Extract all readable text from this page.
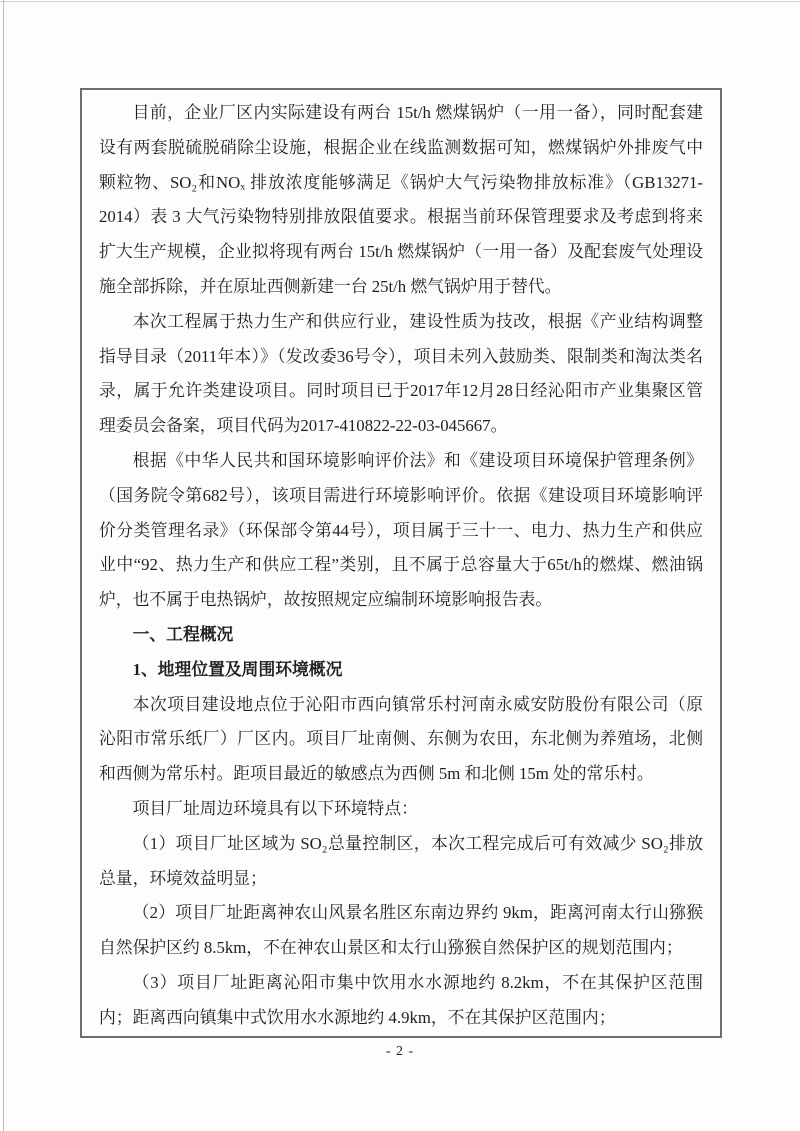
目前，企业厂区内实际建设有两台 15t/h 燃煤锅炉（一用一备），同时配套建设有两套脱硫脱硝除尘设施，根据企业在线监测数据可知，燃煤锅炉外排废气中颗粒物、SO₂和NOₓ 排放浓度能够满足《锅炉大气污染物排放标准》（GB13271-2014）表 3 大气污染物特别排放限值要求。根据当前环保管理要求及考虑到将来扩大生产规模，企业拟将现有两台 15t/h 燃煤锅炉（一用一备）及配套废气处理设施全部拆除，并在原址西侧新建一台 25t/h 燃气锅炉用于替代。

本次工程属于热力生产和供应行业，建设性质为技改，根据《产业结构调整指导目录（2011年本）》（发改委36号令），项目未列入鼓励类、限制类和淘汰类名录，属于允许类建设项目。同时项目已于2017年12月28日经沁阳市产业集聚区管理委员会备案，项目代码为2017-410822-22-03-045667。

根据《中华人民共和国环境影响评价法》和《建设项目环境保护管理条例》（国务院令第682号），该项目需进行环境影响评价。依据《建设项目环境影响评价分类管理名录》（环保部令第44号），项目属于三十一、电力、热力生产和供应业中“92、热力生产和供应工程”类别，且不属于总容量大于65t/h的燃煤、燃油锅炉，也不属于电热锅炉，故按照规定应编制环境影响报告表。

一、工程概况

1、地理位置及周围环境概况

本次项目建设地点位于沁阳市西向镇常乐村河南永威安防股份有限公司（原沁阳市常乐纸厂）厂区内。项目厂址南侧、东侧为农田，东北侧为养殖场，北侧和西侧为常乐村。距项目最近的敏感点为西侧 5m 和北侧 15m 处的常乐村。

项目厂址周边环境具有以下环境特点：

（1）项目厂址区域为 SO₂总量控制区，本次工程完成后可有效减少 SO₂排放总量，环境效益明显；

（2）项目厂址距离神农山风景名胜区东南边界约 9km，距离河南太行山猕猴自然保护区约 8.5km，不在神农山景区和太行山猕猴自然保护区的规划范围内；

（3）项目厂址距离沁阳市集中饮用水水源地约 8.2km，不在其保护区范围内；距离西向镇集中式饮用水水源地约 4.9km，不在其保护区范围内；

- 2 -
